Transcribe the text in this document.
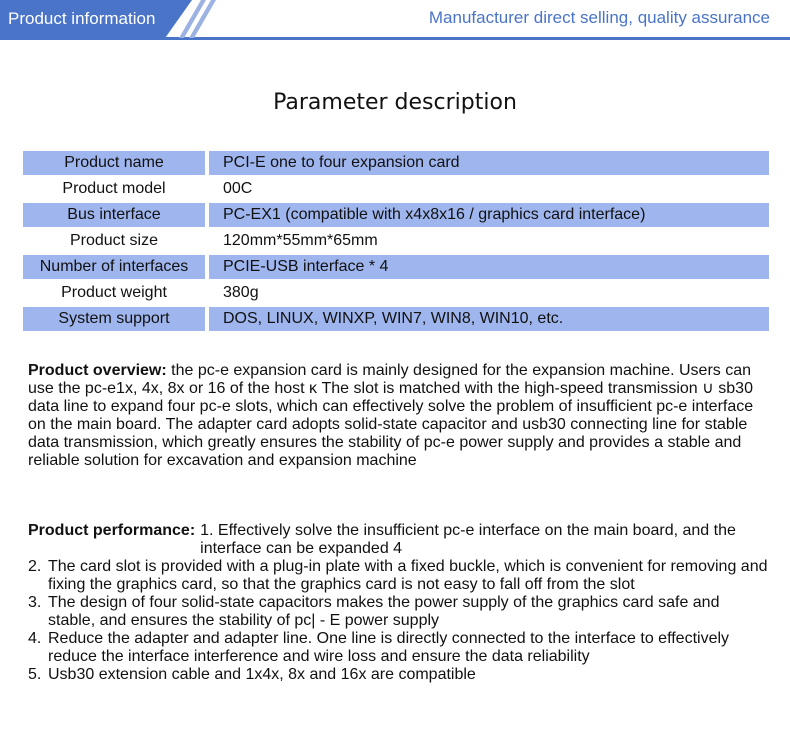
Product information	Manufacturer direct selling, quality assurance
Parameter description
Product name	PCI-E one to four expansion card
Product model	00C
Bus interface	PC-EX1 (compatible with x4x8x16 / graphics card interface)
Product size	120mm*55mm*65mm
Number of interfaces	PCIE-USB interface * 4
Product weight	380g
System support	DOS, LINUX, WINXP, WIN7, WIN8, WIN10, etc.
Product overview: the pc-e expansion card is mainly designed for the expansion machine. Users can use the pc-e1x, 4x, 8x or 16 of the host κ The slot is matched with the high-speed transmission ∪ sb30 data line to expand four pc-e slots, which can effectively solve the problem of insufficient pc-e interface on the main board. The adapter card adopts solid-state capacitor and usb30 connecting line for stable data transmission, which greatly ensures the stability of pc-e power supply and provides a stable and reliable solution for excavation and expansion machine
Product performance: 1. Effectively solve the insufficient pc-e interface on the main board, and the interface can be expanded 4
2. The card slot is provided with a plug-in plate with a fixed buckle, which is convenient for removing and fixing the graphics card, so that the graphics card is not easy to fall off from the slot
3. The design of four solid-state capacitors makes the power supply of the graphics card safe and stable, and ensures the stability of pc| - E power supply
4. Reduce the adapter and adapter line. One line is directly connected to the interface to effectively reduce the interface interference and wire loss and ensure the data reliability
5. Usb30 extension cable and 1x4x, 8x and 16x are compatible
